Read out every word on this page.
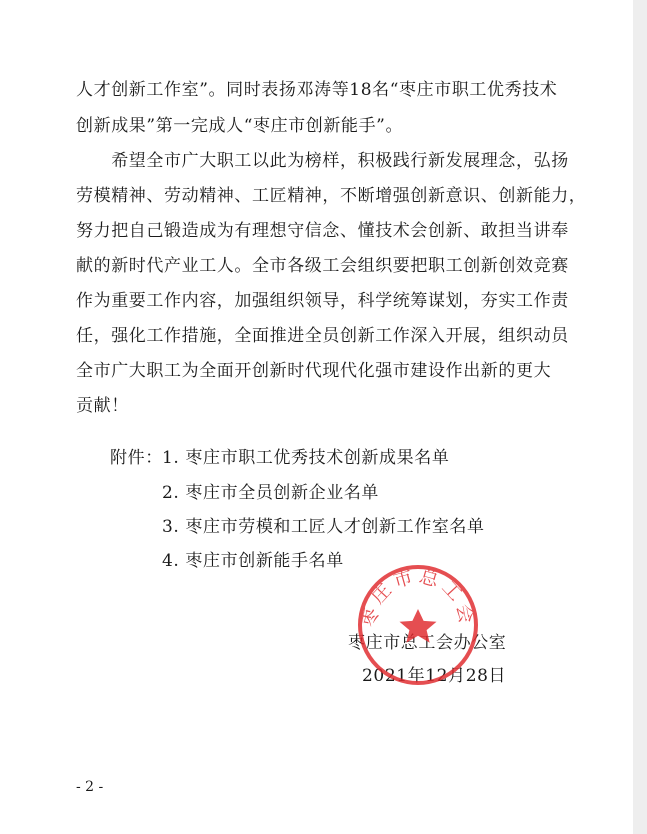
人才创新工作室”。同时表扬邓涛等18名“枣庄市职工优秀技术
创新成果”第一完成人“枣庄市创新能手”。
　　希望全市广大职工以此为榜样，积极践行新发展理念，弘扬
劳模精神、劳动精神、工匠精神，不断增强创新意识、创新能力，
努力把自己锻造成为有理想守信念、懂技术会创新、敢担当讲奉
献的新时代产业工人。全市各级工会组织要把职工创新创效竞赛
作为重要工作内容，加强组织领导，科学统筹谋划，夯实工作责
任，强化工作措施，全面推进全员创新工作深入开展，组织动员
全市广大职工为全面开创新时代现代化强市建设作出新的更大
贡献！
附件： 1. 枣庄市职工优秀技术创新成果名单
2. 枣庄市全员创新企业名单
3. 枣庄市劳模和工匠人才创新工作室名单
4. 枣庄市创新能手名单
枣庄市总工会办公室
2021年12月28日
枣庄市总工会
- 2 -
